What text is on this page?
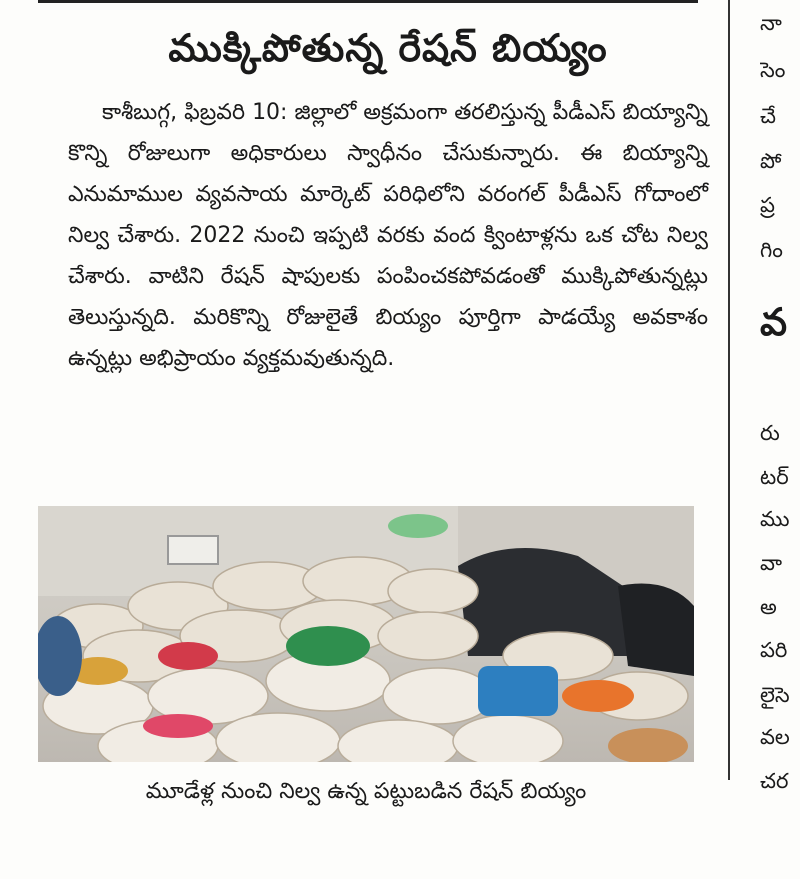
ముక్కిపోతున్న రేషన్‌ బియ్యం

కాశీబుగ్గ, ఫిబ్రవరి 10: జిల్లాలో అక్రమంగా తరలిస్తున్న పీడీఎస్‌ బియ్యాన్ని కొన్ని రోజులుగా అధికారులు స్వాధీనం చేసుకున్నారు. ఈ బియ్యాన్ని ఎనుమాముల వ్యవసాయ మార్కెట్‌ పరిధిలోని వరంగల్‌ పీడీఎస్‌ గోదాంలో నిల్వ చేశారు. 2022 నుంచి ఇప్పటి వరకు వంద క్వింటాళ్లను ఒక చోట నిల్వ చేశారు. వాటిని రేషన్‌ షాపులకు పంపించకపోవడంతో ముక్కిపోతున్నట్లు తెలుస్తున్నది. మరికొన్ని రోజులైతే బియ్యం పూర్తిగా పాడయ్యే అవకాశం ఉన్నట్లు అభిప్రాయం వ్యక్తమవుతున్నది.

మూడేళ్ల నుంచి నిల్వ ఉన్న పట్టుబడిన రేషన్‌ బియ్యం
నా
సెం
చే
పో
ప్ర
గిం
వ
రు
టర్
ము
వా
అ
పరి
లైసె
వల
చర
